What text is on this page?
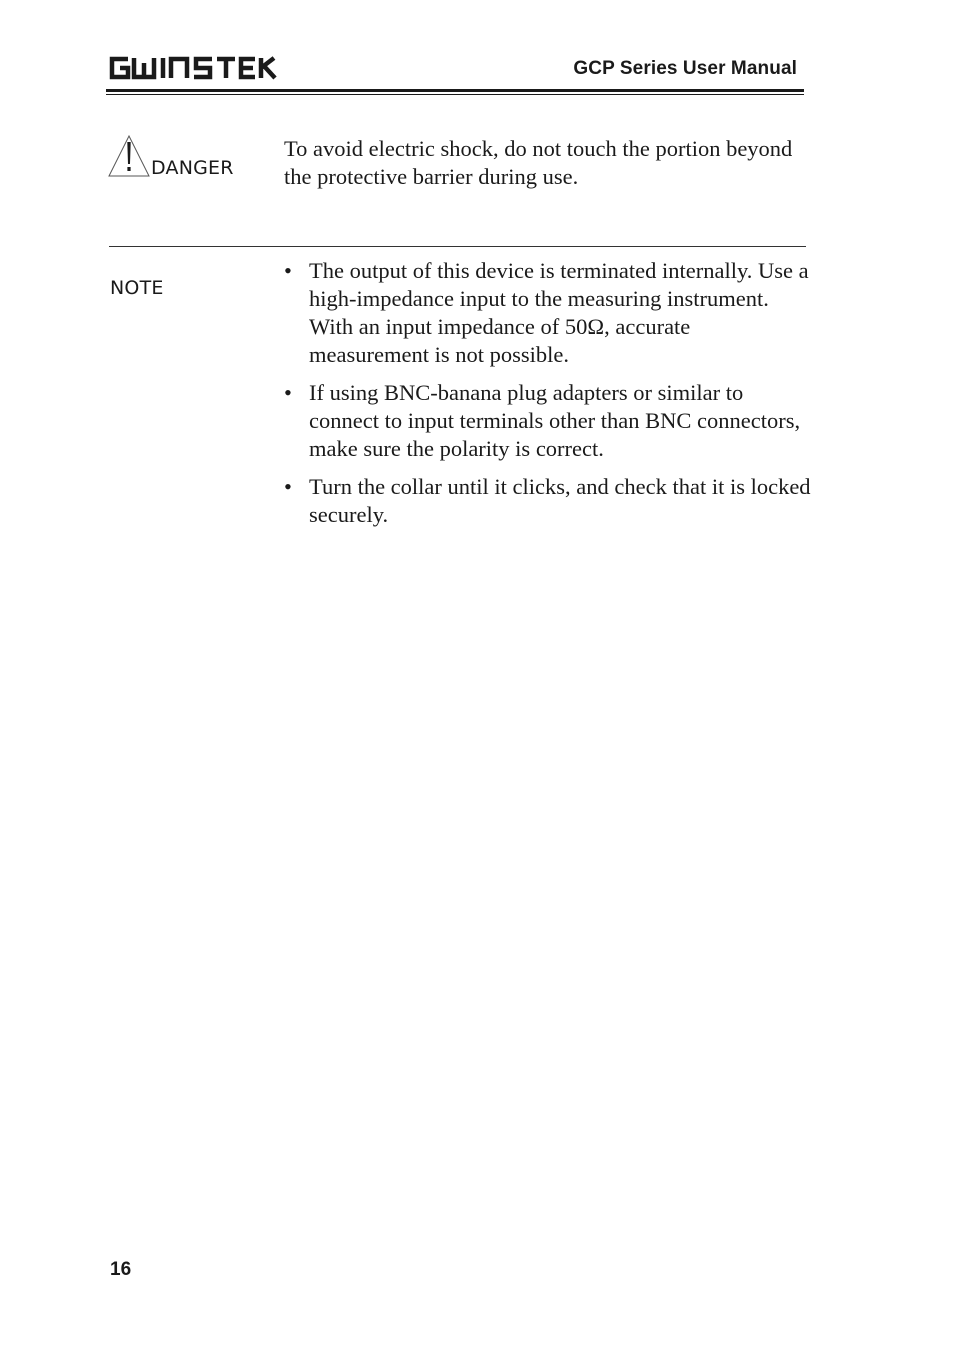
GCP Series User Manual
DANGER
To avoid electric shock, do not touch the portion beyond the protective barrier during use.
NOTE
• The output of this device is terminated internally. Use a high-impedance input to the measuring instrument. With an input impedance of 50Ω, accurate measurement is not possible.
• If using BNC-banana plug adapters or similar to connect to input terminals other than BNC connectors, make sure the polarity is correct.
• Turn the collar until it clicks, and check that it is locked securely.
16
